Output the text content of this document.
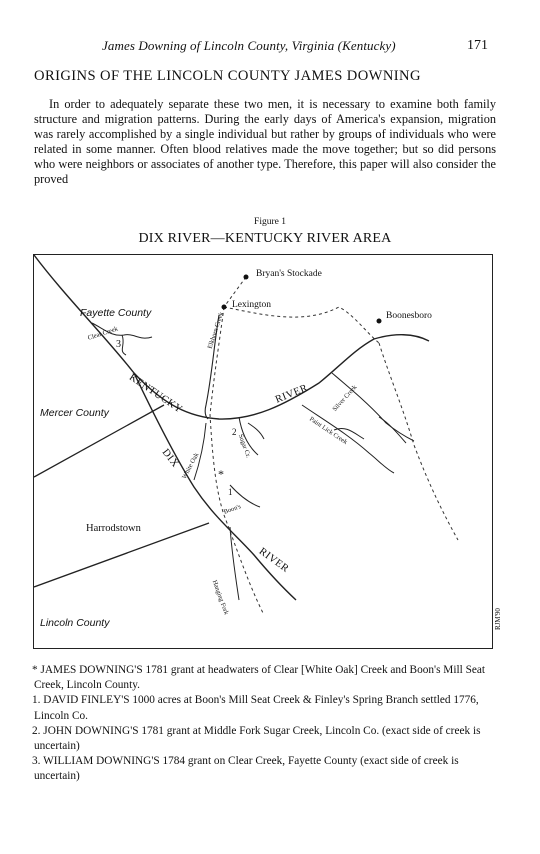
James Downing of Lincoln County, Virginia (Kentucky)	171
ORIGINS OF THE LINCOLN COUNTY JAMES DOWNING

In order to adequately separate these two men, it is necessary to examine both family structure and migration patterns. During the early days of America's expansion, migration was rarely accomplished by a single individual but rather by groups of individuals who were related in some manner. Often blood relatives made the move together; but so did persons who were neighbors or associates of another type. Therefore, this paper will also consider the proved

Figure 1
DIX RIVER—KENTUCKY RIVER AREA
Bryan's Stockade
Lexington
Boonesboro
Fayette County
Clear Creek
3
KENTUCKY	RIVER
Mercer County
Elkhorn Creek
Silver Creek
Paint Lick Creek
Sugar Cr.
2
DIX White Oak *
1
Boon's
Harrodstown
RIVER
Hanging Fork
Lincoln County	RJM'90

* JAMES DOWNING'S 1781 grant at headwaters of Clear [White Oak] Creek and Boon's Mill Seat Creek, Lincoln County.

1. DAVID FINLEY'S 1000 acres at Boon's Mill Seat Creek & Finley's Spring Branch settled 1776, Lincoln Co.

2. JOHN DOWNING'S 1781 grant at Middle Fork Sugar Creek, Lincoln Co. (exact side of creek is uncertain)

3. WILLIAM DOWNING'S 1784 grant on Clear Creek, Fayette County (exact side of creek is uncertain)
